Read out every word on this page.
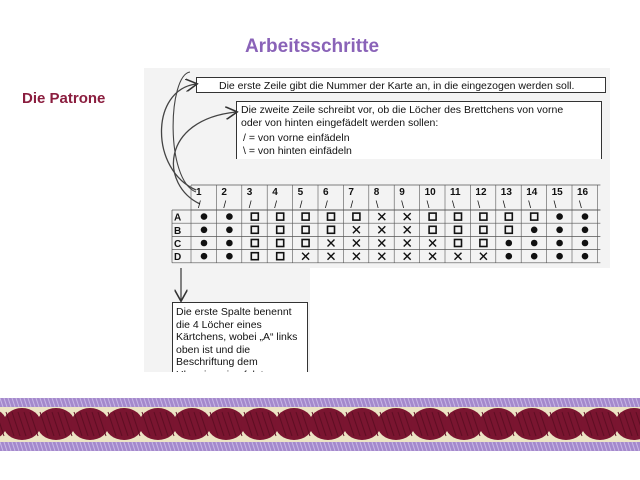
Arbeitsschritte
Die Patrone
Die erste Zeile gibt die Nummer der Karte an, in die eingezogen werden soll.
Die zweite Zeile schreibt vor, ob die Löcher des Brettchens von vorne
oder von hinten eingefädelt werden sollen:
/ = von vorne einfädeln
\ = von hinten einfädeln
Die erste Spalte benennt die 4 Löcher eines Kärtchens, wobei „A“ links oben ist und die Beschriftung dem
1 2 3 4 5 6 7 8 9 10 11 12 13 14 15 16
/ / / / / / / \ \ \ \ \ \ \ \ \
A
B
C
D
